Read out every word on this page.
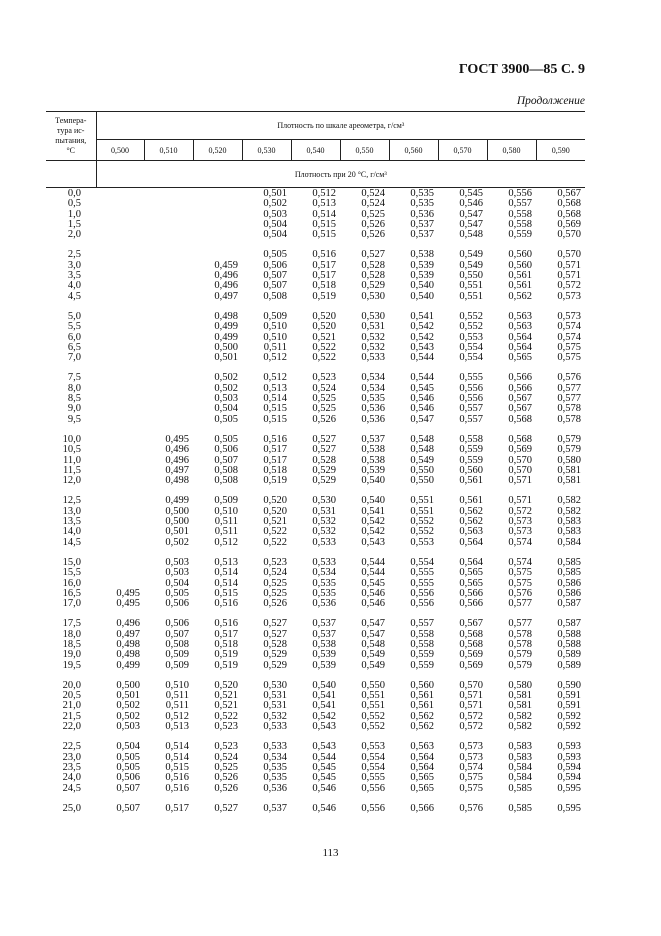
ГОСТ 3900—85 С. 9
Продолжение
Темпера-
тура ис-
пытания,
°С	Плотность по шкале ареометра, г/см³									
	0,500	0,510	0,520	0,530	0,540	0,550	0,560	0,570	0,580	0,590
	Плотность при 20 °С, г/см³									
0,0				0,501	0,512	0,524	0,535	0,545	0,556	0,567
0,5				0,502	0,513	0,524	0,535	0,546	0,557	0,568
1,0				0,503	0,514	0,525	0,536	0,547	0,558	0,568
1,5				0,504	0,515	0,526	0,537	0,547	0,558	0,569
2,0				0,504	0,515	0,526	0,537	0,548	0,559	0,570

2,5				0,505	0,516	0,527	0,538	0,549	0,560	0,570
3,0			0,459	0,506	0,517	0,528	0,539	0,549	0,560	0,571
3,5			0,496	0,507	0,517	0,528	0,539	0,550	0,561	0,571
4,0			0,496	0,507	0,518	0,529	0,540	0,551	0,561	0,572
4,5			0,497	0,508	0,519	0,530	0,540	0,551	0,562	0,573

5,0			0,498	0,509	0,520	0,530	0,541	0,552	0,563	0,573
5,5			0,499	0,510	0,520	0,531	0,542	0,552	0,563	0,574
6,0			0,499	0,510	0,521	0,532	0,542	0,553	0,564	0,574
6,5			0,500	0,511	0,522	0,532	0,543	0,554	0,564	0,575
7,0			0,501	0,512	0,522	0,533	0,544	0,554	0,565	0,575

7,5			0,502	0,512	0,523	0,534	0,544	0,555	0,566	0,576
8,0			0,502	0,513	0,524	0,534	0,545	0,556	0,566	0,577
8,5			0,503	0,514	0,525	0,535	0,546	0,556	0,567	0,577
9,0			0,504	0,515	0,525	0,536	0,546	0,557	0,567	0,578
9,5			0,505	0,515	0,526	0,536	0,547	0,557	0,568	0,578

10,0		0,495	0,505	0,516	0,527	0,537	0,548	0,558	0,568	0,579
10,5		0,496	0,506	0,517	0,527	0,538	0,548	0,559	0,569	0,579
11,0		0,496	0,507	0,517	0,528	0,538	0,549	0,559	0,570	0,580
11,5		0,497	0,508	0,518	0,529	0,539	0,550	0,560	0,570	0,581
12,0		0,498	0,508	0,519	0,529	0,540	0,550	0,561	0,571	0,581

12,5		0,499	0,509	0,520	0,530	0,540	0,551	0,561	0,571	0,582
13,0		0,500	0,510	0,520	0,531	0,541	0,551	0,562	0,572	0,582
13,5		0,500	0,511	0,521	0,532	0,542	0,552	0,562	0,573	0,583
14,0		0,501	0,511	0,522	0,532	0,542	0,552	0,563	0,573	0,583
14,5		0,502	0,512	0,522	0,533	0,543	0,553	0,564	0,574	0,584

15,0		0,503	0,513	0,523	0,533	0,544	0,554	0,564	0,574	0,585
15,5		0,503	0,514	0,524	0,534	0,544	0,555	0,565	0,575	0,585
16,0		0,504	0,514	0,525	0,535	0,545	0,555	0,565	0,575	0,586
16,5	0,495	0,505	0,515	0,525	0,535	0,546	0,556	0,566	0,576	0,586
17,0	0,495	0,506	0,516	0,526	0,536	0,546	0,556	0,566	0,577	0,587

17,5	0,496	0,506	0,516	0,527	0,537	0,547	0,557	0,567	0,577	0,587
18,0	0,497	0,507	0,517	0,527	0,537	0,547	0,558	0,568	0,578	0,588
18,5	0,498	0,508	0,518	0,528	0,538	0,548	0,558	0,568	0,578	0,588
19,0	0,498	0,509	0,519	0,529	0,539	0,549	0,559	0,569	0,579	0,589
19,5	0,499	0,509	0,519	0,529	0,539	0,549	0,559	0,569	0,579	0,589

20,0	0,500	0,510	0,520	0,530	0,540	0,550	0,560	0,570	0,580	0,590
20,5	0,501	0,511	0,521	0,531	0,541	0,551	0,561	0,571	0,581	0,591
21,0	0,502	0,511	0,521	0,531	0,541	0,551	0,561	0,571	0,581	0,591
21,5	0,502	0,512	0,522	0,532	0,542	0,552	0,562	0,572	0,582	0,592
22,0	0,503	0,513	0,523	0,533	0,543	0,552	0,562	0,572	0,582	0,592

22,5	0,504	0,514	0,523	0,533	0,543	0,553	0,563	0,573	0,583	0,593
23,0	0,505	0,514	0,524	0,534	0,544	0,554	0,564	0,573	0,583	0,593
23,5	0,505	0,515	0,525	0,535	0,545	0,554	0,564	0,574	0,584	0,594
24,0	0,506	0,516	0,526	0,535	0,545	0,555	0,565	0,575	0,584	0,594
24,5	0,507	0,516	0,526	0,536	0,546	0,556	0,565	0,575	0,585	0,595

25,0	0,507	0,517	0,527	0,537	0,546	0,556	0,566	0,576	0,585	0,595
113
